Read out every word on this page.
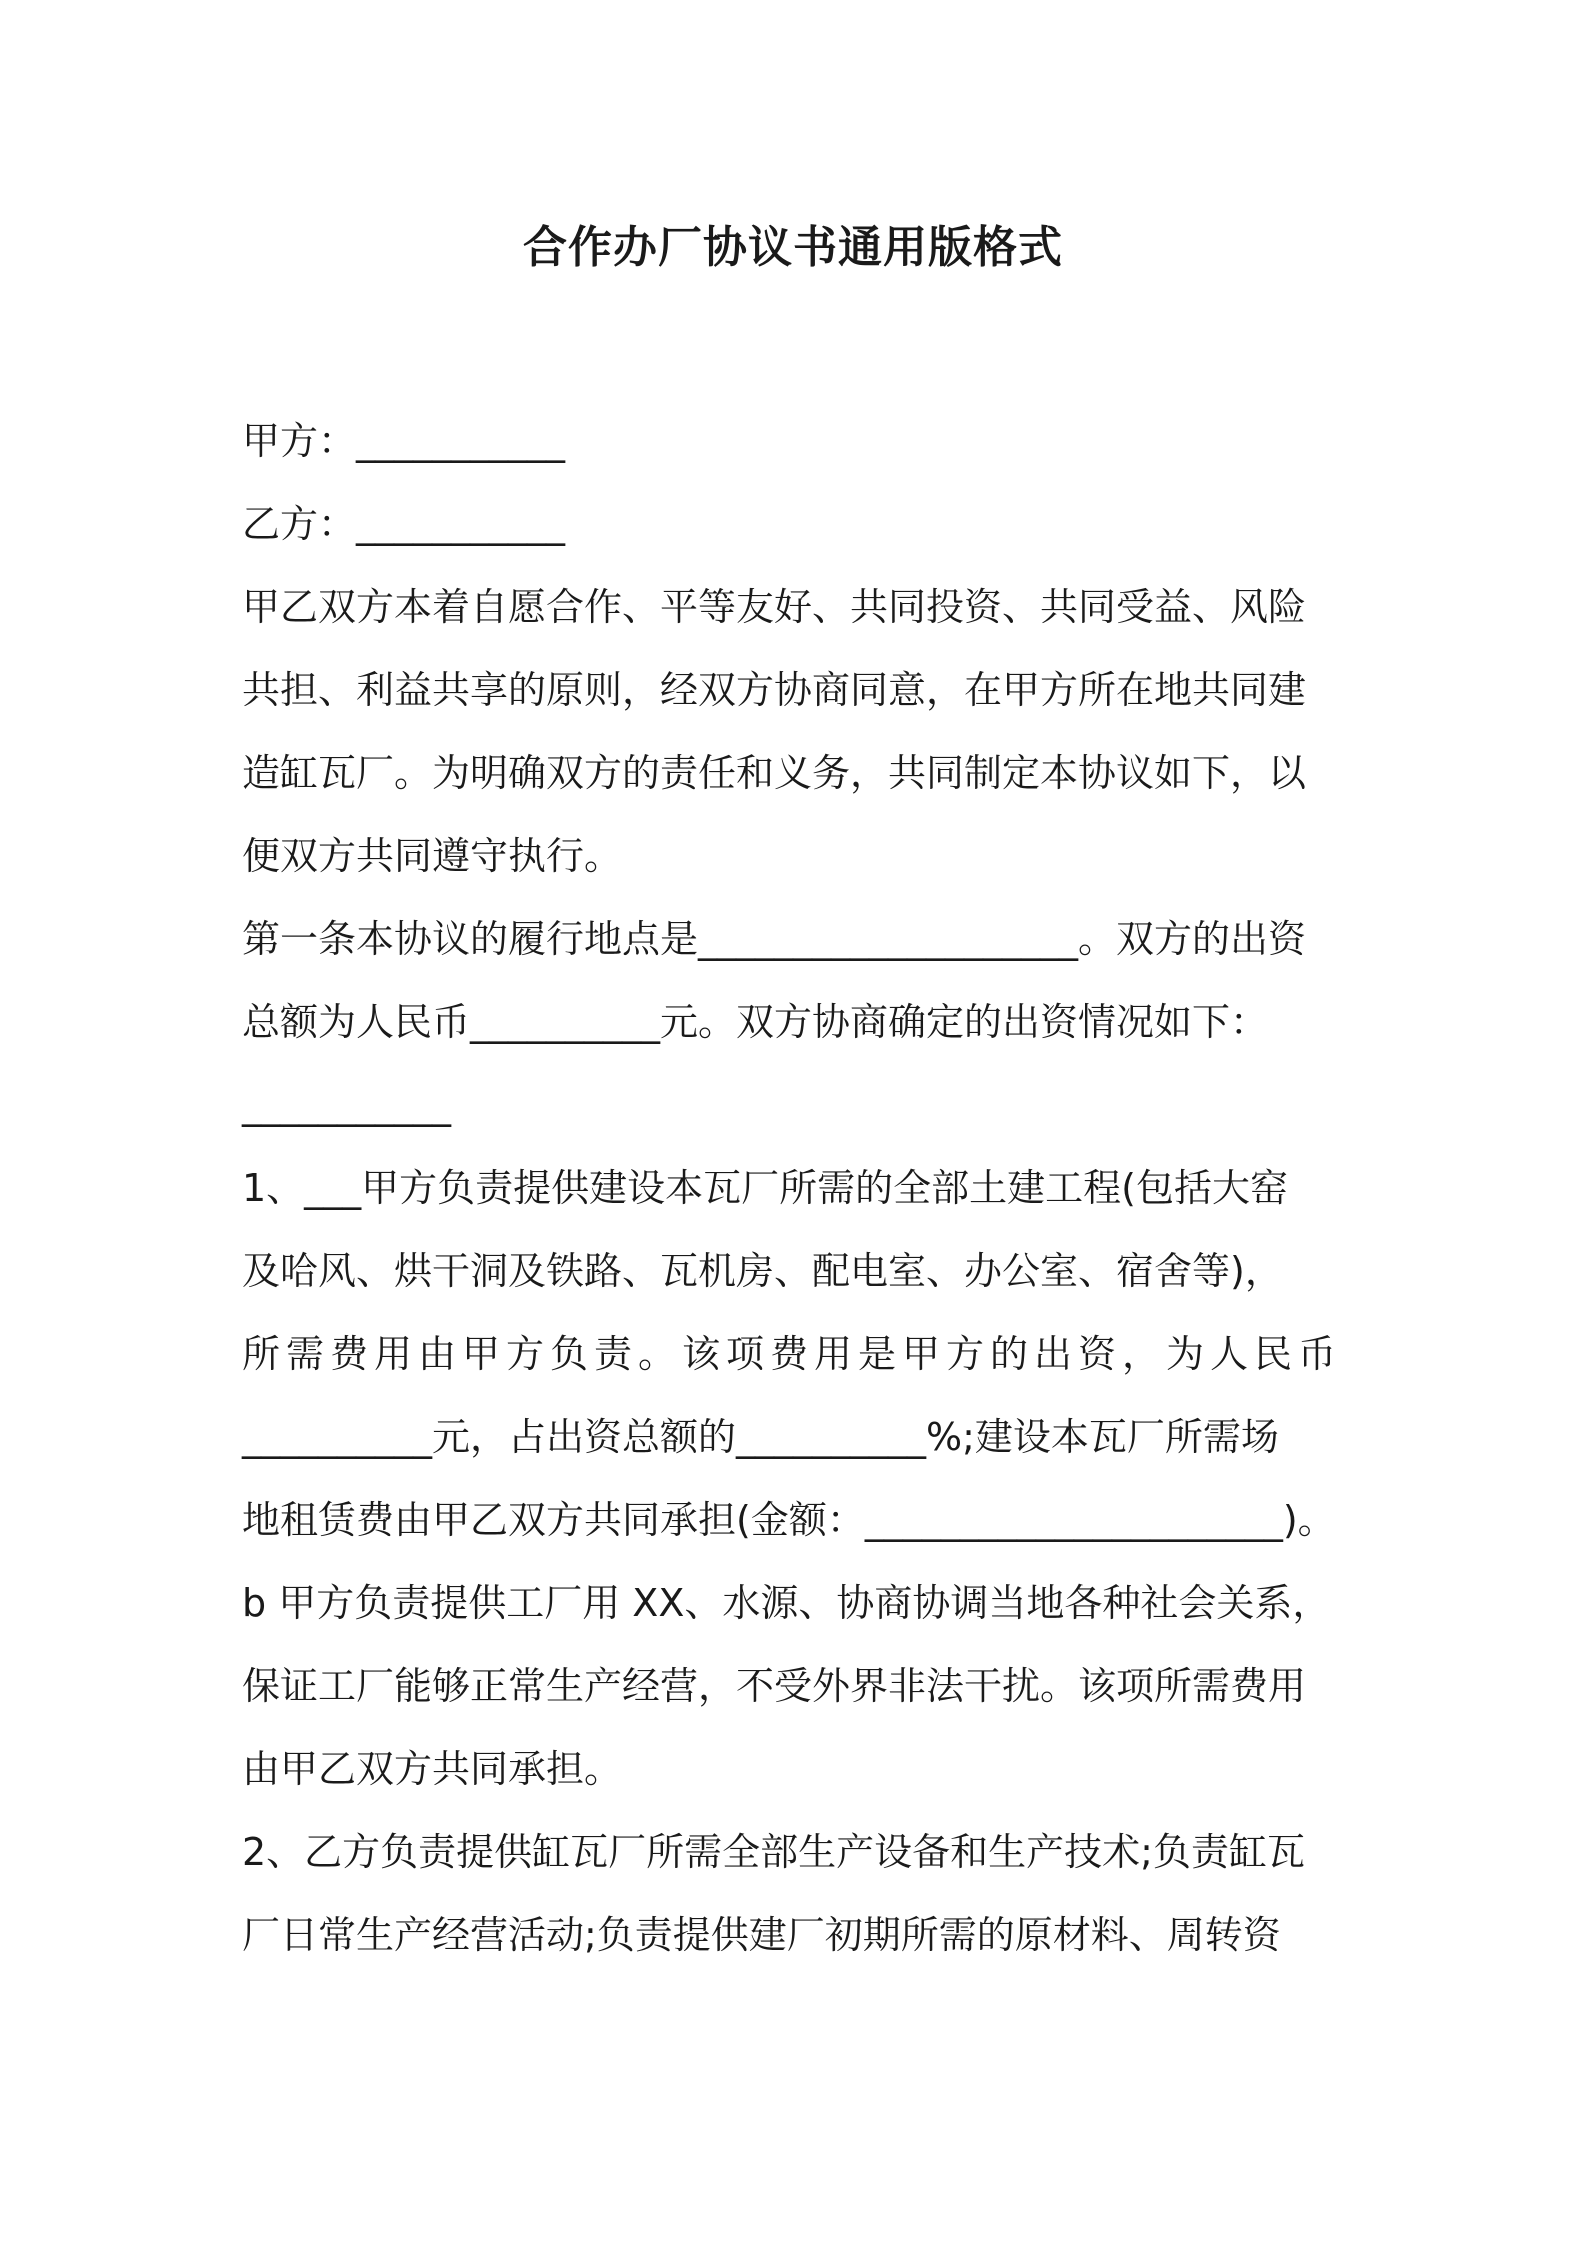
合作办厂协议书通用版格式
甲方：___________
乙方：___________
甲乙双方本着自愿合作、平等友好、共同投资、共同受益、风险
共担、利益共享的原则，经双方协商同意，在甲方所在地共同建
造缸瓦厂。为明确双方的责任和义务，共同制定本协议如下，以
便双方共同遵守执行。
第一条本协议的履行地点是____________________。双方的出资
总额为人民币__________元。双方协商确定的出资情况如下：
___________
1、___甲方负责提供建设本瓦厂所需的全部土建工程(包括大窑
及哈风、烘干洞及铁路、瓦机房、配电室、办公室、宿舍等)，
所需费用由甲方负责。该项费用是甲方的出资，为人民币
__________元，占出资总额的__________%;建设本瓦厂所需场
地租赁费由甲乙双方共同承担(金额：______________________)。
b 甲方负责提供工厂用 XX、水源、协商协调当地各种社会关系，
保证工厂能够正常生产经营，不受外界非法干扰。该项所需费用
由甲乙双方共同承担。
2、乙方负责提供缸瓦厂所需全部生产设备和生产技术;负责缸瓦
厂日常生产经营活动;负责提供建厂初期所需的原材料、周转资
